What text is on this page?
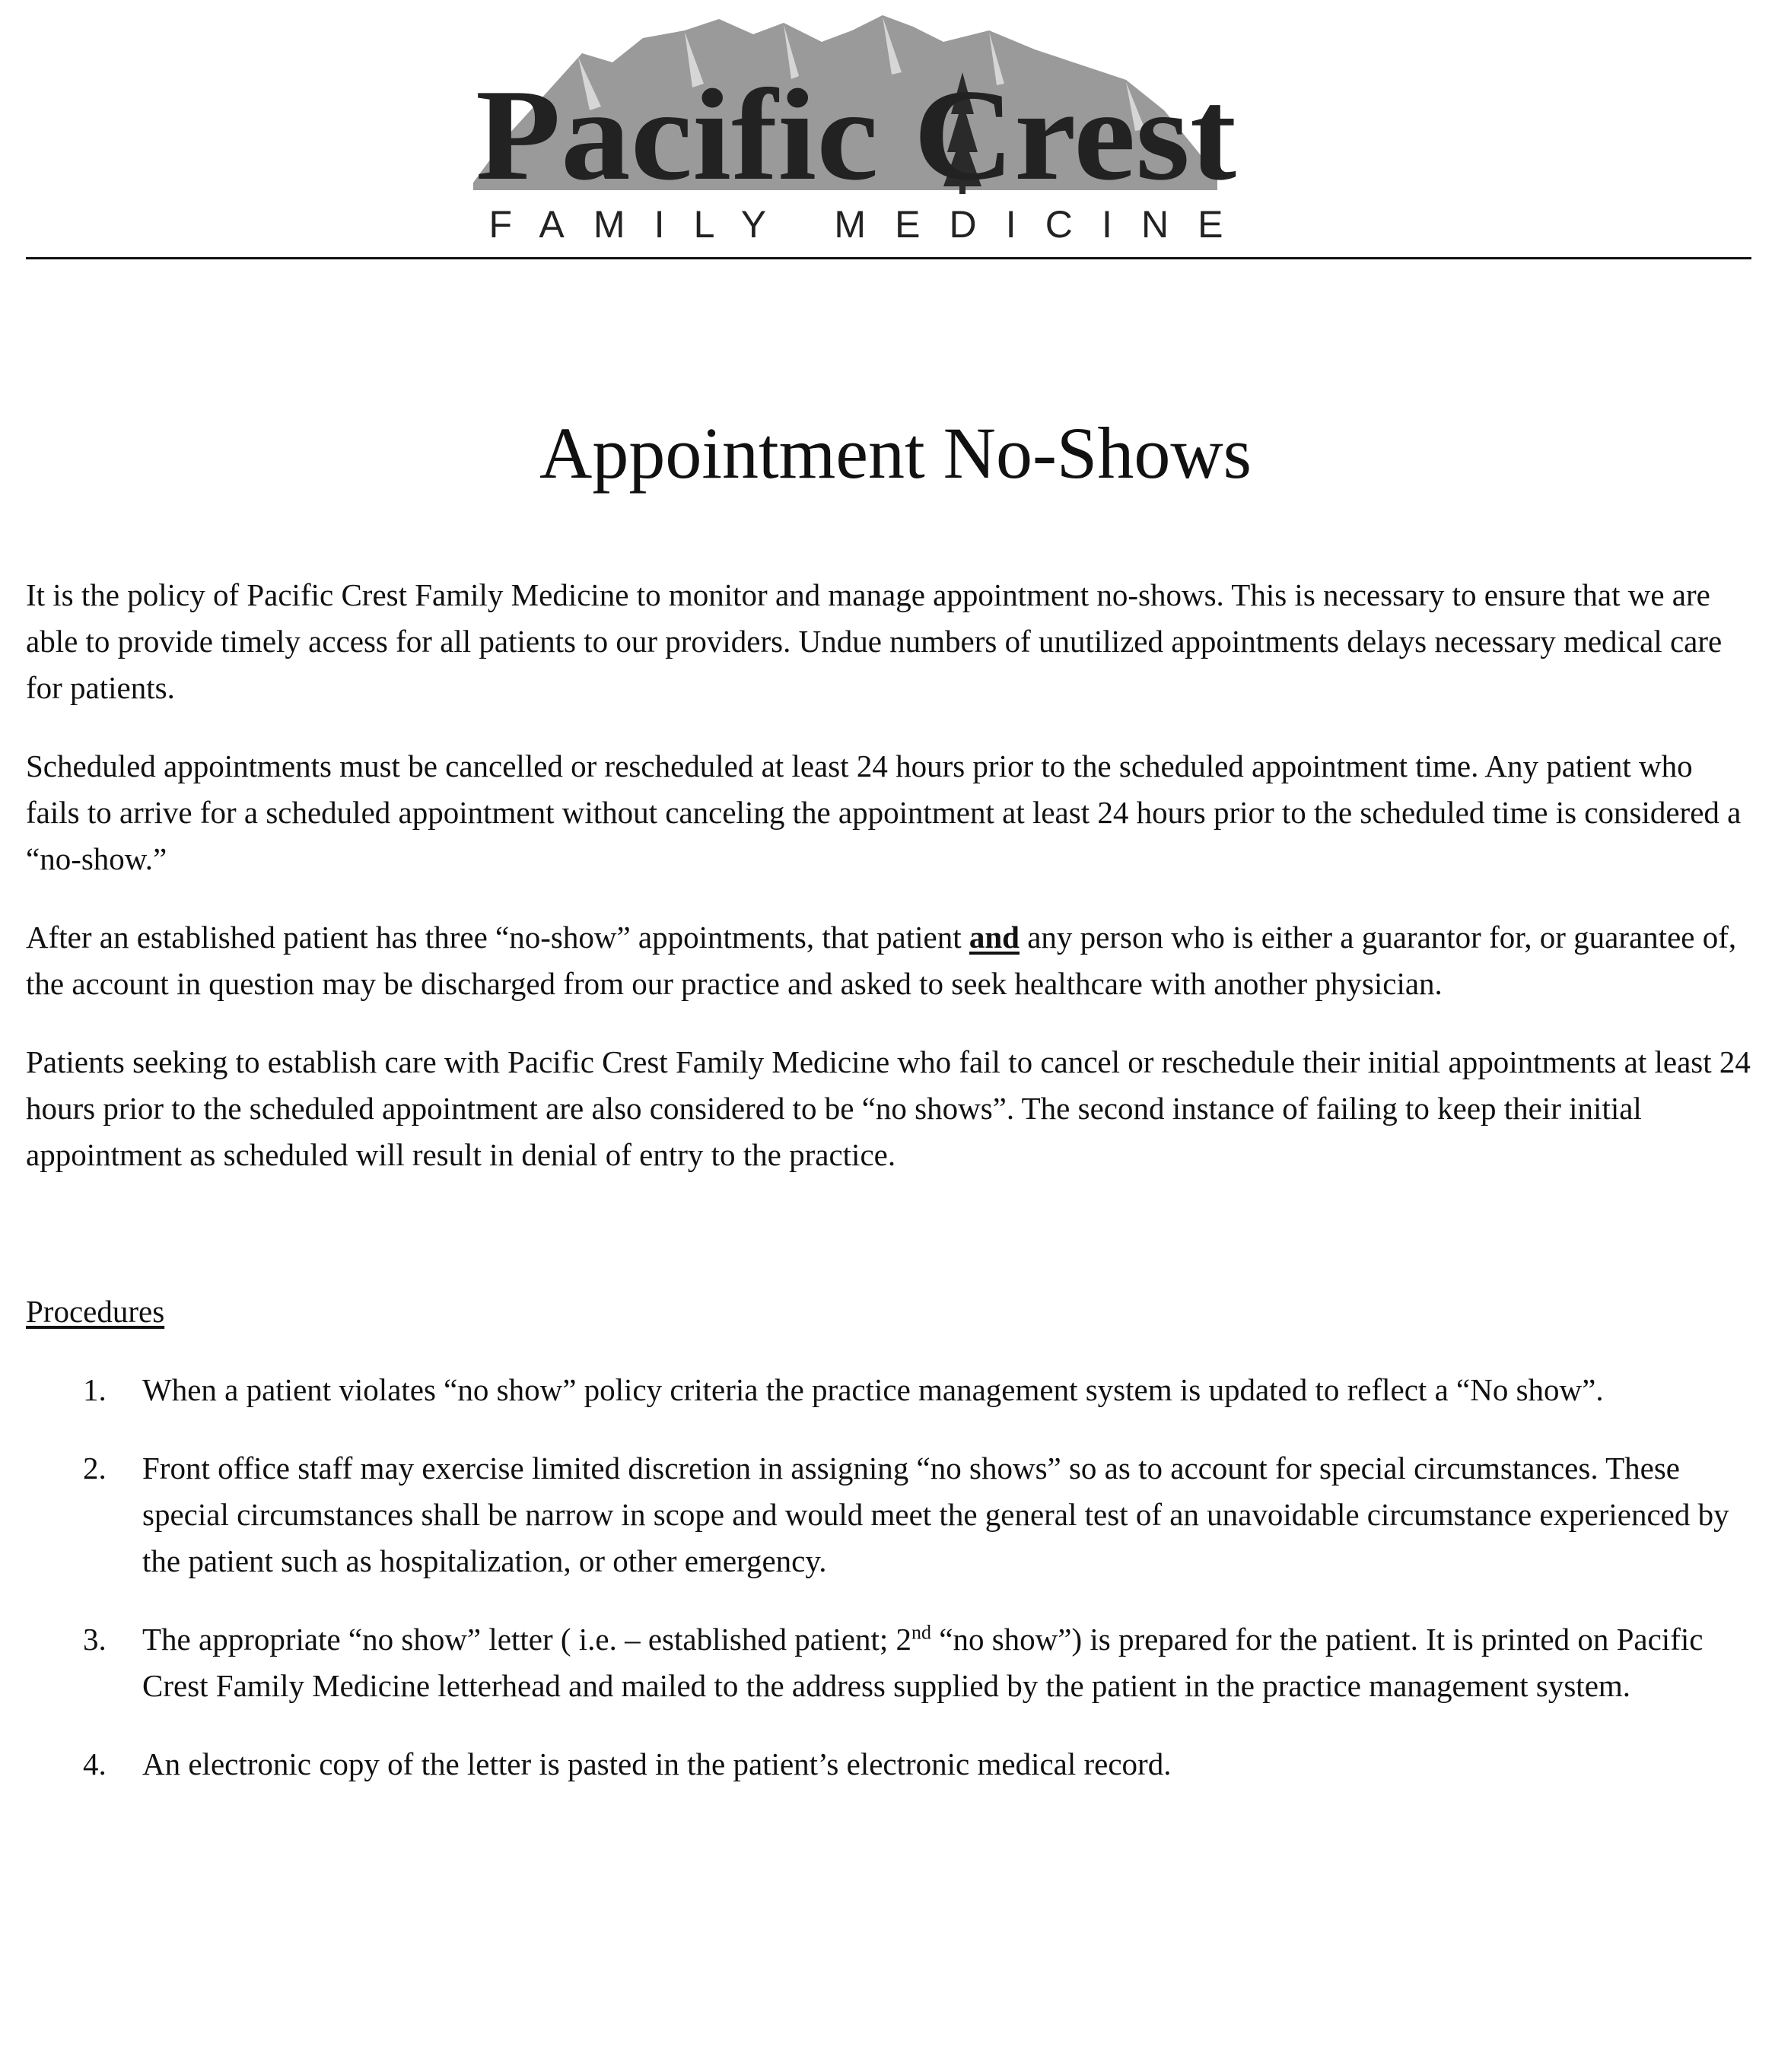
Pacific Crest
FAMILY MEDICINE
Appointment No-Shows

It is the policy of Pacific Crest Family Medicine to monitor and manage appointment no-shows. This is necessary to ensure that we are able to provide timely access for all patients to our providers. Undue numbers of unutilized appointments delays necessary medical care for patients.

Scheduled appointments must be cancelled or rescheduled at least 24 hours prior to the scheduled appointment time. Any patient who fails to arrive for a scheduled appointment without canceling the appointment at least 24 hours prior to the scheduled time is considered a “no-show.”

After an established patient has three “no-show” appointments, that patient and any person who is either a guarantor for, or guarantee of, the account in question may be discharged from our practice and asked to seek healthcare with another physician.

Patients seeking to establish care with Pacific Crest Family Medicine who fail to cancel or reschedule their initial appointments at least 24 hours prior to the scheduled appointment are also considered to be “no shows”. The second instance of failing to keep their initial appointment as scheduled will result in denial of entry to the practice.

Procedures
1. When a patient violates “no show” policy criteria the practice management system is updated to reflect a “No show”.
2. Front office staff may exercise limited discretion in assigning “no shows” so as to account for special circumstances. These special circumstances shall be narrow in scope and would meet the general test of an unavoidable circumstance experienced by the patient such as hospitalization, or other emergency.
3. The appropriate “no show” letter ( i.e. – established patient; 2nd “no show”) is prepared for the patient. It is printed on Pacific Crest Family Medicine letterhead and mailed to the address supplied by the patient in the practice management system.
4. An electronic copy of the letter is pasted in the patient’s electronic medical record.
